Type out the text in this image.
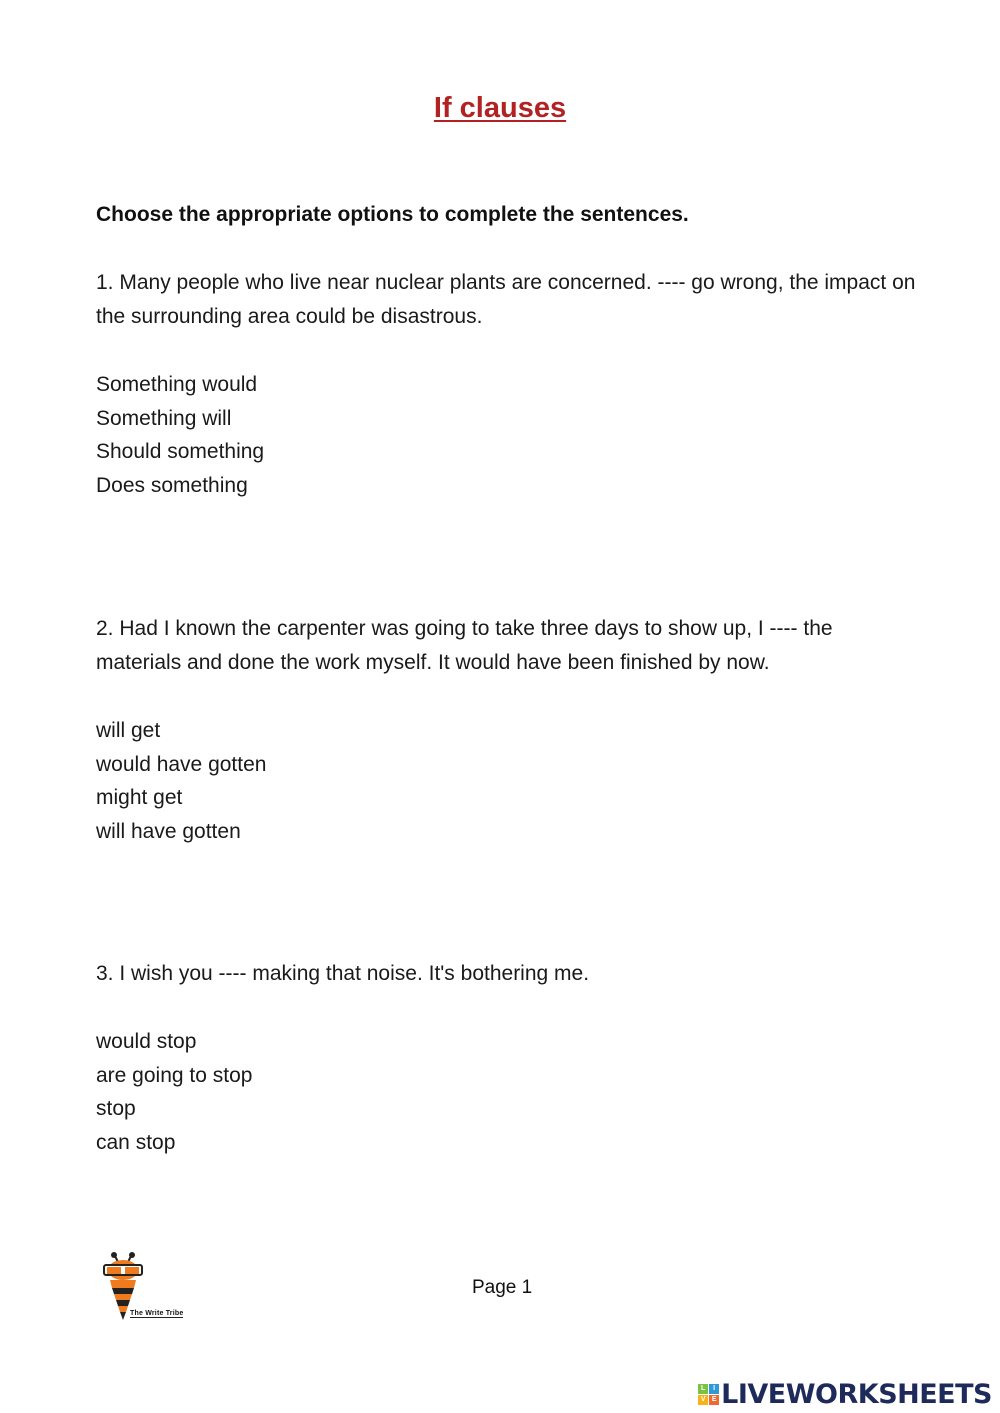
If clauses
Choose the appropriate options to complete the sentences.

1. Many people who live near nuclear plants are concerned. ---- go wrong, the impact on the surrounding area could be disastrous.

Something would
Something will
Should something
Does something

2. Had I known the carpenter was going to take three days to show up, I ---- the materials and done the work myself. It would have been finished by now.

will get
would have gotten
might get
will have gotten

3. I wish you ---- making that noise. It's bothering me.

would stop
are going to stop
stop
can stop
The Write Tribe
Page 1
L	I
V E LIVEWORKSHEETS
